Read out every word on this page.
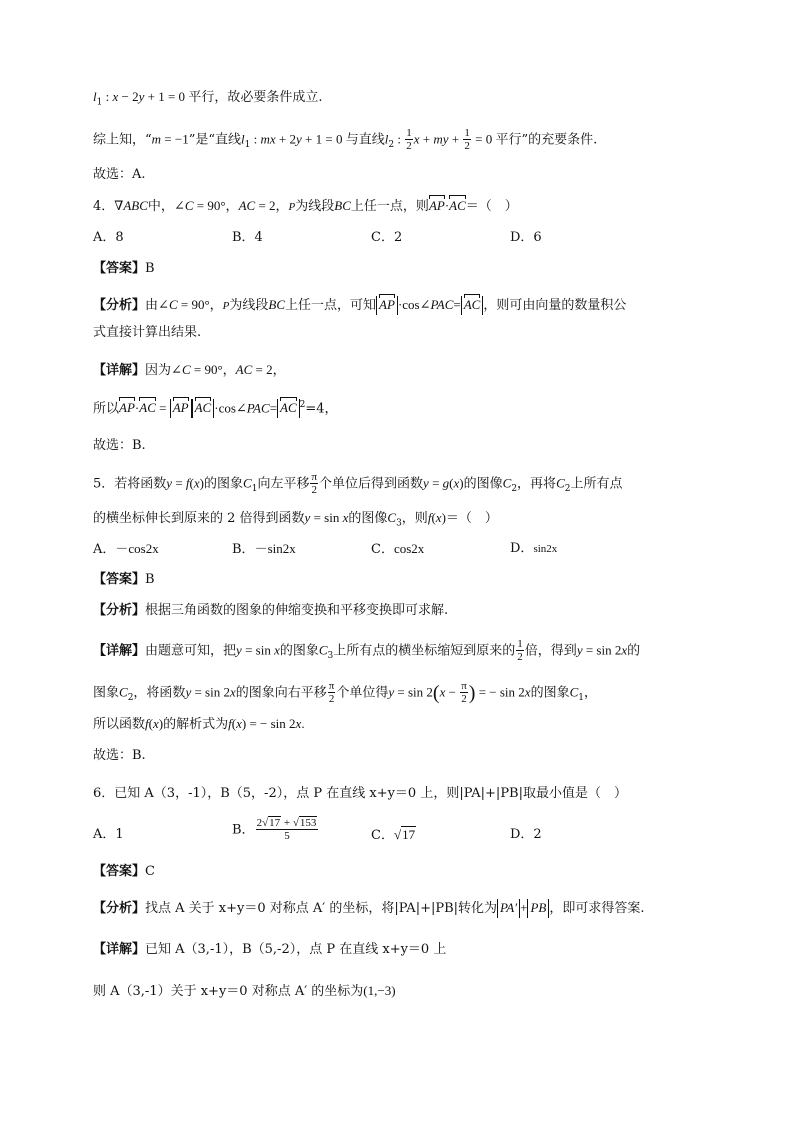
$l_1$ : x − 2y + 1 = 0 平行，故必要条件成立.
综上知，“m = −1”是“直线$l_1$ : mx + 2y + 1 = 0 与直线$l_2$ : $\frac{1}{2}$ x + my + $\frac{1}{2} = 0$ 平行”的充要条件.
故选：A.
4．∇ABC中，∠C = 90°，AC = 2，P为线段BC上任一点，则AP·AC＝（　）
A．8	B．4	C．2	D．6
【答案】B
【分析】由∠C = 90°，P为线段BC上任一点，可知 AP ·cos∠PAC= AC ，则可由向量的数量积公
式直接计算出结果.
【详解】因为∠C = 90°，AC = 2，
所以AP·AC = AP AC ·cos∠PAC= AC $^2$=4，
故选：B.
5．若将函数y = f(x)的图象$C_1$向左平移 $\frac{\pi}{2}$ 个单位后得到函数y = g(x)的图像$C_2$，再将$C_2$上所有点
的横坐标伸长到原来的 2 倍得到函数y = sin x的图像$C_3$，则f(x)＝（　）
A．－cos2x	B．－sin2x	C．cos2x	D．sin2x
【答案】B
【分析】根据三角函数的图象的伸缩变换和平移变换即可求解.
【详解】由题意可知，把y = sin x的图象$C_3$上所有点的横坐标缩短到原来的 $\frac{1}{2}$ 倍，得到y = sin 2x的
图象$C_2$，将函数y = sin 2x的图象向右平移 $\frac{\pi}{2}$ 个单位得$y = \sin 2(x - \frac{\pi}{2}$ ) = − sin 2x的图象$C_1$，
所以函数f(x)的解析式为f(x) = − sin 2x.
故选：B.
6．已知 A（3，-1），B（5，-2），点 P 在直线 x+y＝0 上，则|PA|+|PB|取最小值是（　）
A．1	B． $\frac{2√17 + √153}{5}$	C．√17	D．2
【答案】C
【分析】找点 A 关于 x+y＝0 对称点 A′ 的坐标，将|PA|+|PB|转化为 PA′ + PB ，即可求得答案.
【详解】已知 A（3,-1），B（5,-2），点 P 在直线 x+y＝0 上
则 A（3,-1）关于 x+y＝0 对称点 A′ 的坐标为(1,−3)
